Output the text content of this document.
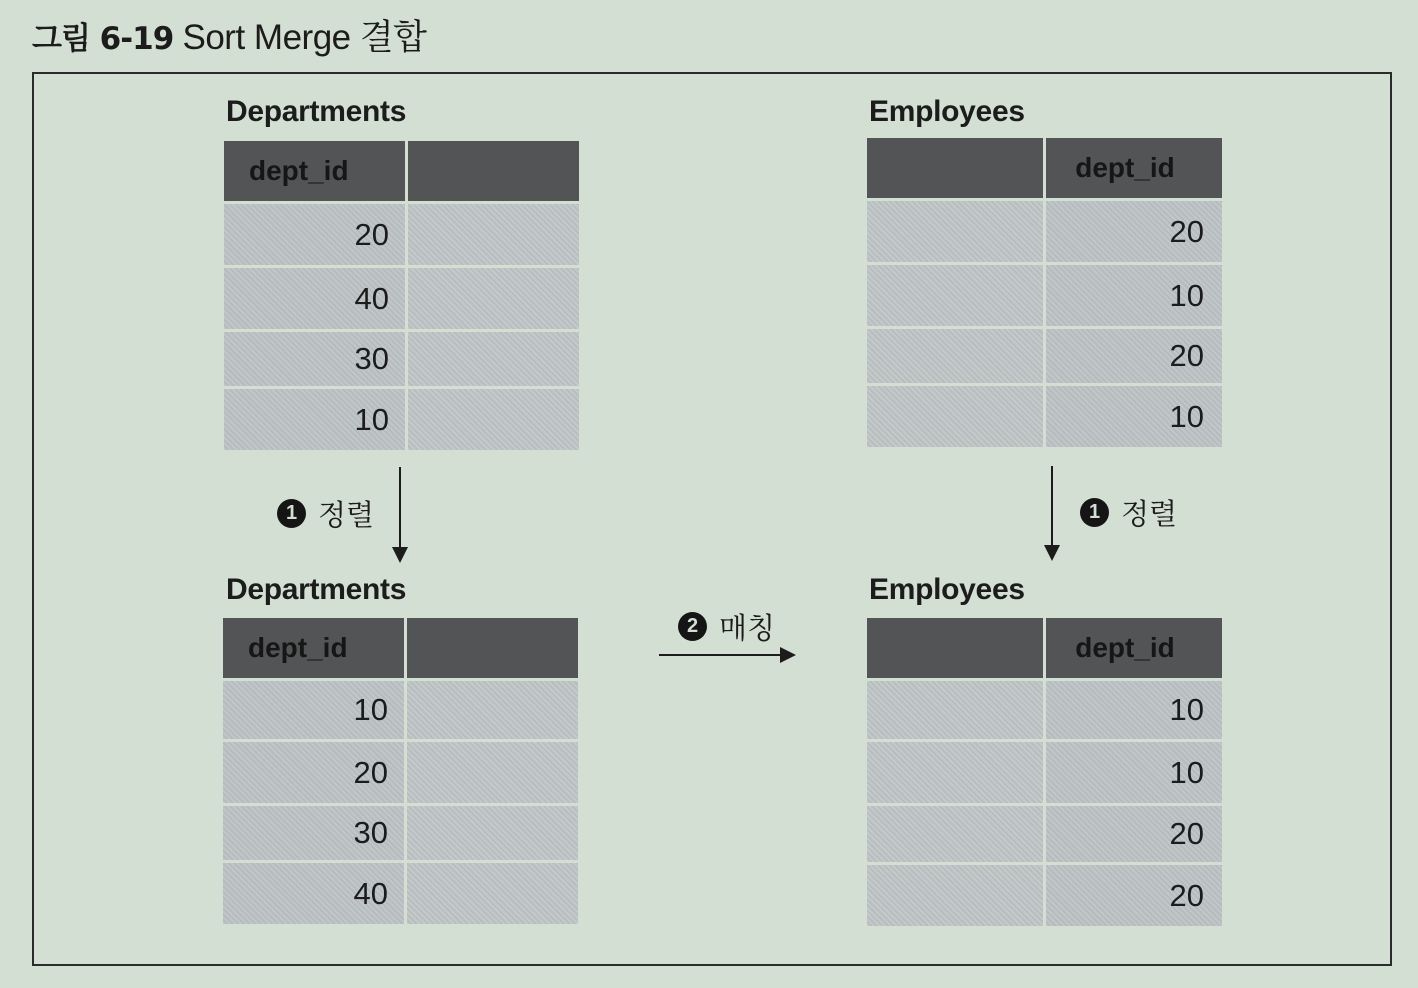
그림 6-19 Sort Merge 결합
Departments
dept_id
20
40
30
10
Employees
dept_id
20
10
20
10
1 정렬	1 정렬
2 매칭
Departments
dept_id
10
20
30
40
Employees
dept_id
10
10
20
20
